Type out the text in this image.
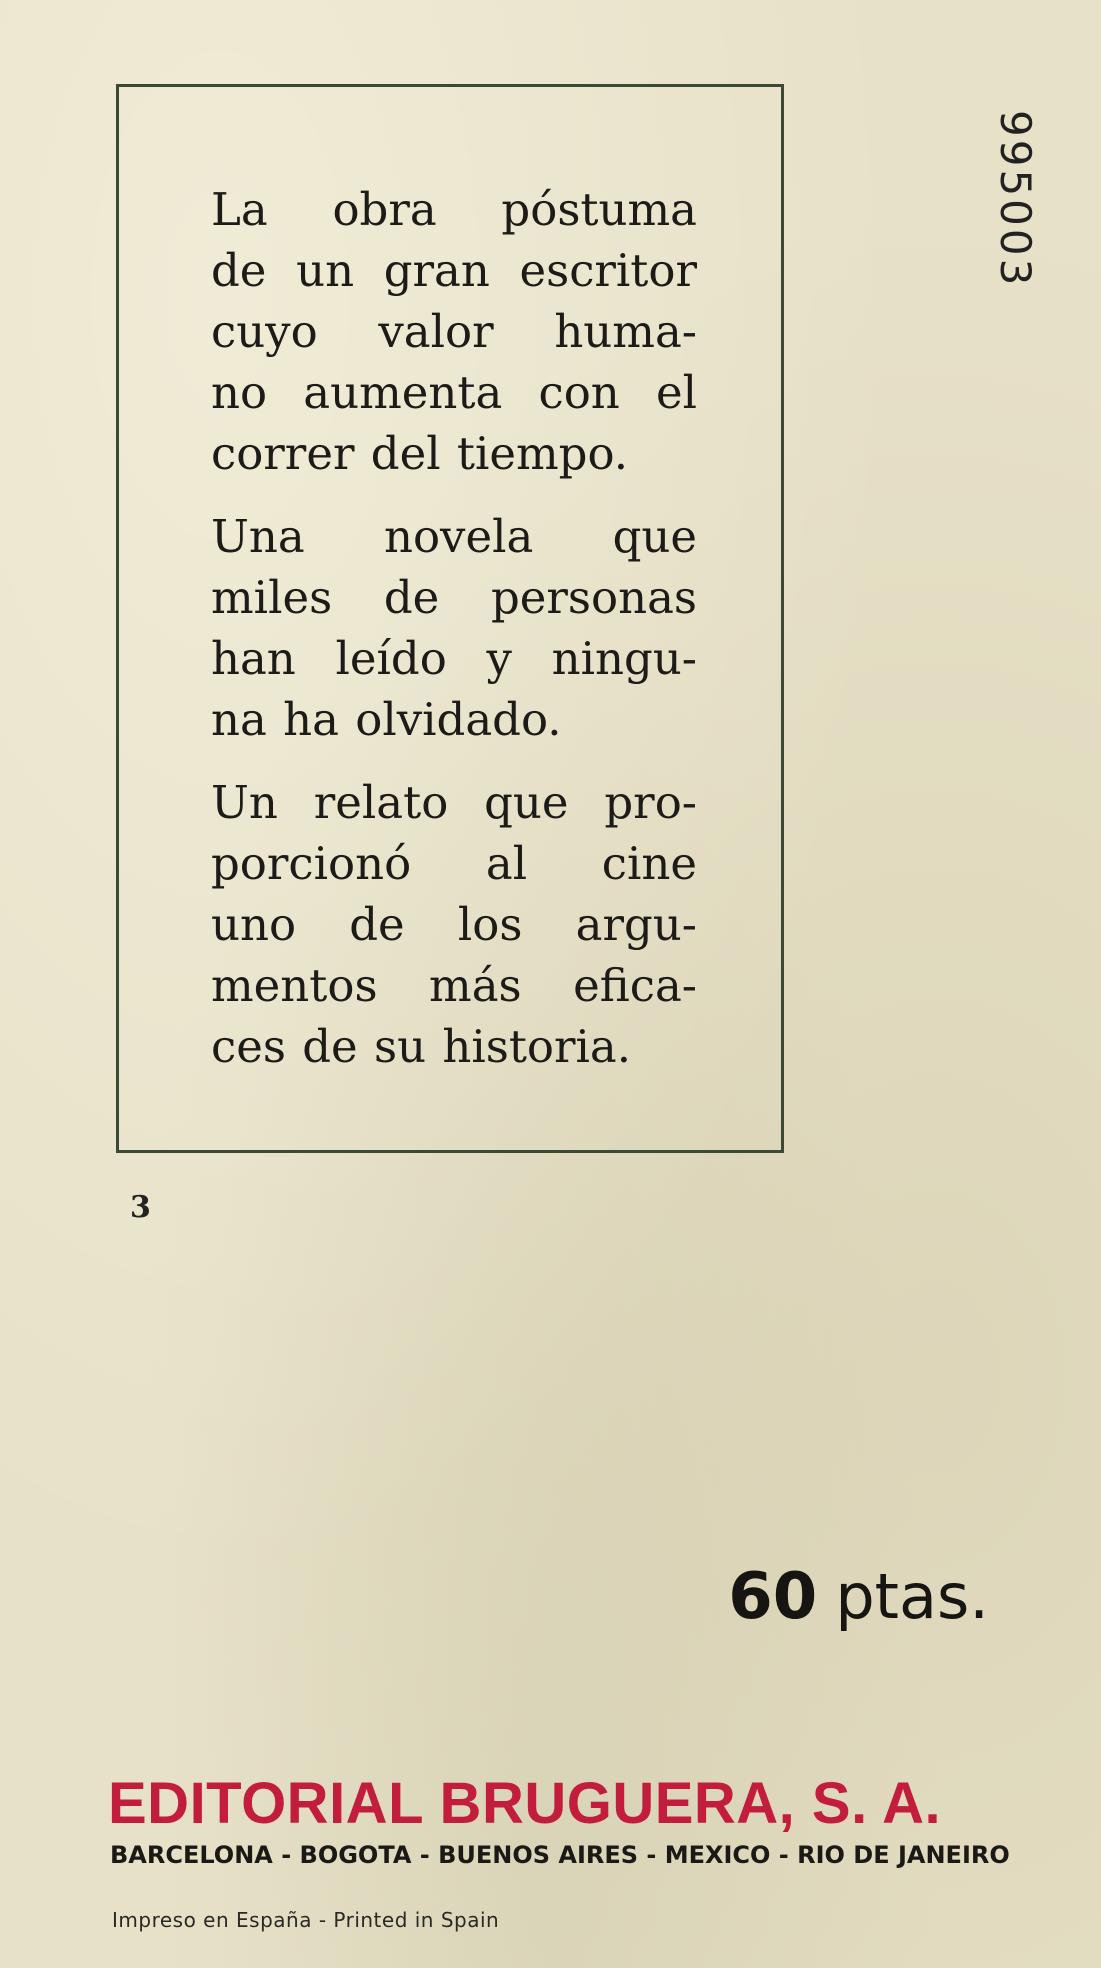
La obra póstuma
de un gran escritor
cuyo valor huma-
no aumenta con el
correr del tiempo.

Una novela que
miles de personas
han leído y ningu-
na ha olvidado.

Un relato que pro-
porcionó al cine
uno de los argu-
mentos más efica-
ces de su historia.

995003
3
60 ptas.
EDITORIAL BRUGUERA, S. A.
BARCELONA - BOGOTA - BUENOS AIRES - MEXICO - RIO DE JANEIRO
Impreso en España - Printed in Spain
